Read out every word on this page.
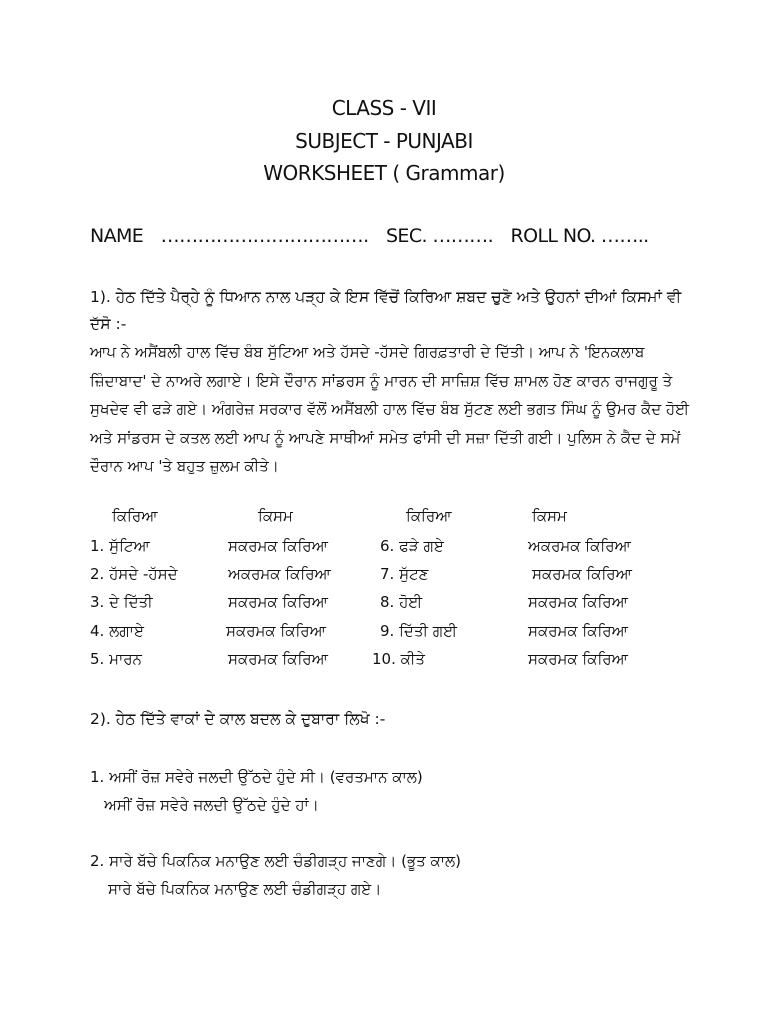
CLASS - VII
SUBJECT - PUNJABI
WORKSHEET ( Grammar)
NAME ……………………………. SEC. ………. ROLL NO. ……..
1). ਹੇਠ ਦਿੱਤੇ ਪੈਰ੍ਹੇ ਨੂੰ ਧਿਆਨ ਨਾਲ ਪੜ੍ਹ ਕੇ ਇਸ ਵਿੱਚੋਂ ਕਿਰਿਆ ਸ਼ਬਦ ਚੁਣੋ ਅਤੇ ਉਹਨਾਂ ਦੀਆਂ ਕਿਸਮਾਂ ਵੀ ਦੱਸੋ :-
ਆਪ ਨੇ ਅਸੈਂਬਲੀ ਹਾਲ ਵਿੱਚ ਬੰਬ ਸੁੱਟਿਆ ਅਤੇ ਹੱਸਦੇ -ਹੱਸਦੇ ਗਿਰਫ਼ਤਾਰੀ ਦੇ ਦਿੱਤੀ। ਆਪ ਨੇ 'ਇਨਕਲਾਬ ਜ਼ਿੰਦਾਬਾਦ' ਦੇ ਨਾਅਰੇ ਲਗਾਏ। ਇਸੇ ਦੌਰਾਨ ਸਾਂਡਰਸ ਨੂੰ ਮਾਰਨ ਦੀ ਸਾਜ਼ਿਸ਼ ਵਿੱਚ ਸ਼ਾਮਲ ਹੋਣ ਕਾਰਨ ਰਾਜਗੁਰੂ ਤੇ ਸੁਖਦੇਵ ਵੀ ਫੜੇ ਗਏ। ਅੰਗਰੇਜ਼ ਸਰਕਾਰ ਵੱਲੋਂ ਅਸੈਂਬਲੀ ਹਾਲ ਵਿੱਚ ਬੰਬ ਸੁੱਟਣ ਲਈ ਭਗਤ ਸਿੰਘ ਨੂੰ ਉਮਰ ਕੈਦ ਹੋਈ ਅਤੇ ਸਾਂਡਰਸ ਦੇ ਕਤਲ ਲਈ ਆਪ ਨੂੰ ਆਪਣੇ ਸਾਥੀਆਂ ਸਮੇਤ ਫਾਂਸੀ ਦੀ ਸਜ਼ਾ ਦਿੱਤੀ ਗਈ। ਪੁਲਿਸ ਨੇ ਕੈਦ ਦੇ ਸਮੇਂ ਦੌਰਾਨ ਆਪ 'ਤੇ ਬਹੁਤ ਜ਼ੁਲਮ ਕੀਤੇ।
ਕਿਰਿਆ	ਕਿਸਮ	ਕਿਰਿਆ	ਕਿਸਮ
1. ਸੁੱਟਿਆ	ਸਕਰਮਕ ਕਿਰਿਆ	6. ਫੜੇ ਗਏ	ਅਕਰਮਕ ਕਿਰਿਆ
2. ਹੱਸਦੇ -ਹੱਸਦੇ	ਅਕਰਮਕ ਕਿਰਿਆ	7. ਸੁੱਟਣ	ਸਕਰਮਕ ਕਿਰਿਆ
3. ਦੇ ਦਿੱਤੀ	ਸਕਰਮਕ ਕਿਰਿਆ	8. ਹੋਈ	ਸਕਰਮਕ ਕਿਰਿਆ
4. ਲਗਾਏ	ਸਕਰਮਕ ਕਿਰਿਆ	9. ਦਿੱਤੀ ਗਈ	ਸਕਰਮਕ ਕਿਰਿਆ
5. ਮਾਰਨ	ਸਕਰਮਕ ਕਿਰਿਆ	10. ਕੀਤੇ	ਸਕਰਮਕ ਕਿਰਿਆ
2). ਹੇਠ ਦਿੱਤੇ ਵਾਕਾਂ ਦੇ ਕਾਲ ਬਦਲ ਕੇ ਦੁਬਾਰਾ ਲਿਖੋ :-
1. ਅਸੀਂ ਰੋਜ਼ ਸਵੇਰੇ ਜਲਦੀ ਉੱਠਦੇ ਹੁੰਦੇ ਸੀ। (ਵਰਤਮਾਨ ਕਾਲ)
ਅਸੀਂ ਰੋਜ਼ ਸਵੇਰੇ ਜਲਦੀ ਉੱਠਦੇ ਹੁੰਦੇ ਹਾਂ।
2. ਸਾਰੇ ਬੱਚੇ ਪਿਕਨਿਕ ਮਨਾਉਣ ਲਈ ਚੰਡੀਗੜ੍ਹ ਜਾਣਗੇ। (ਭੂਤ ਕਾਲ)
ਸਾਰੇ ਬੱਚੇ ਪਿਕਨਿਕ ਮਨਾਉਣ ਲਈ ਚੰਡੀਗੜ੍ਹ ਗਏ।
